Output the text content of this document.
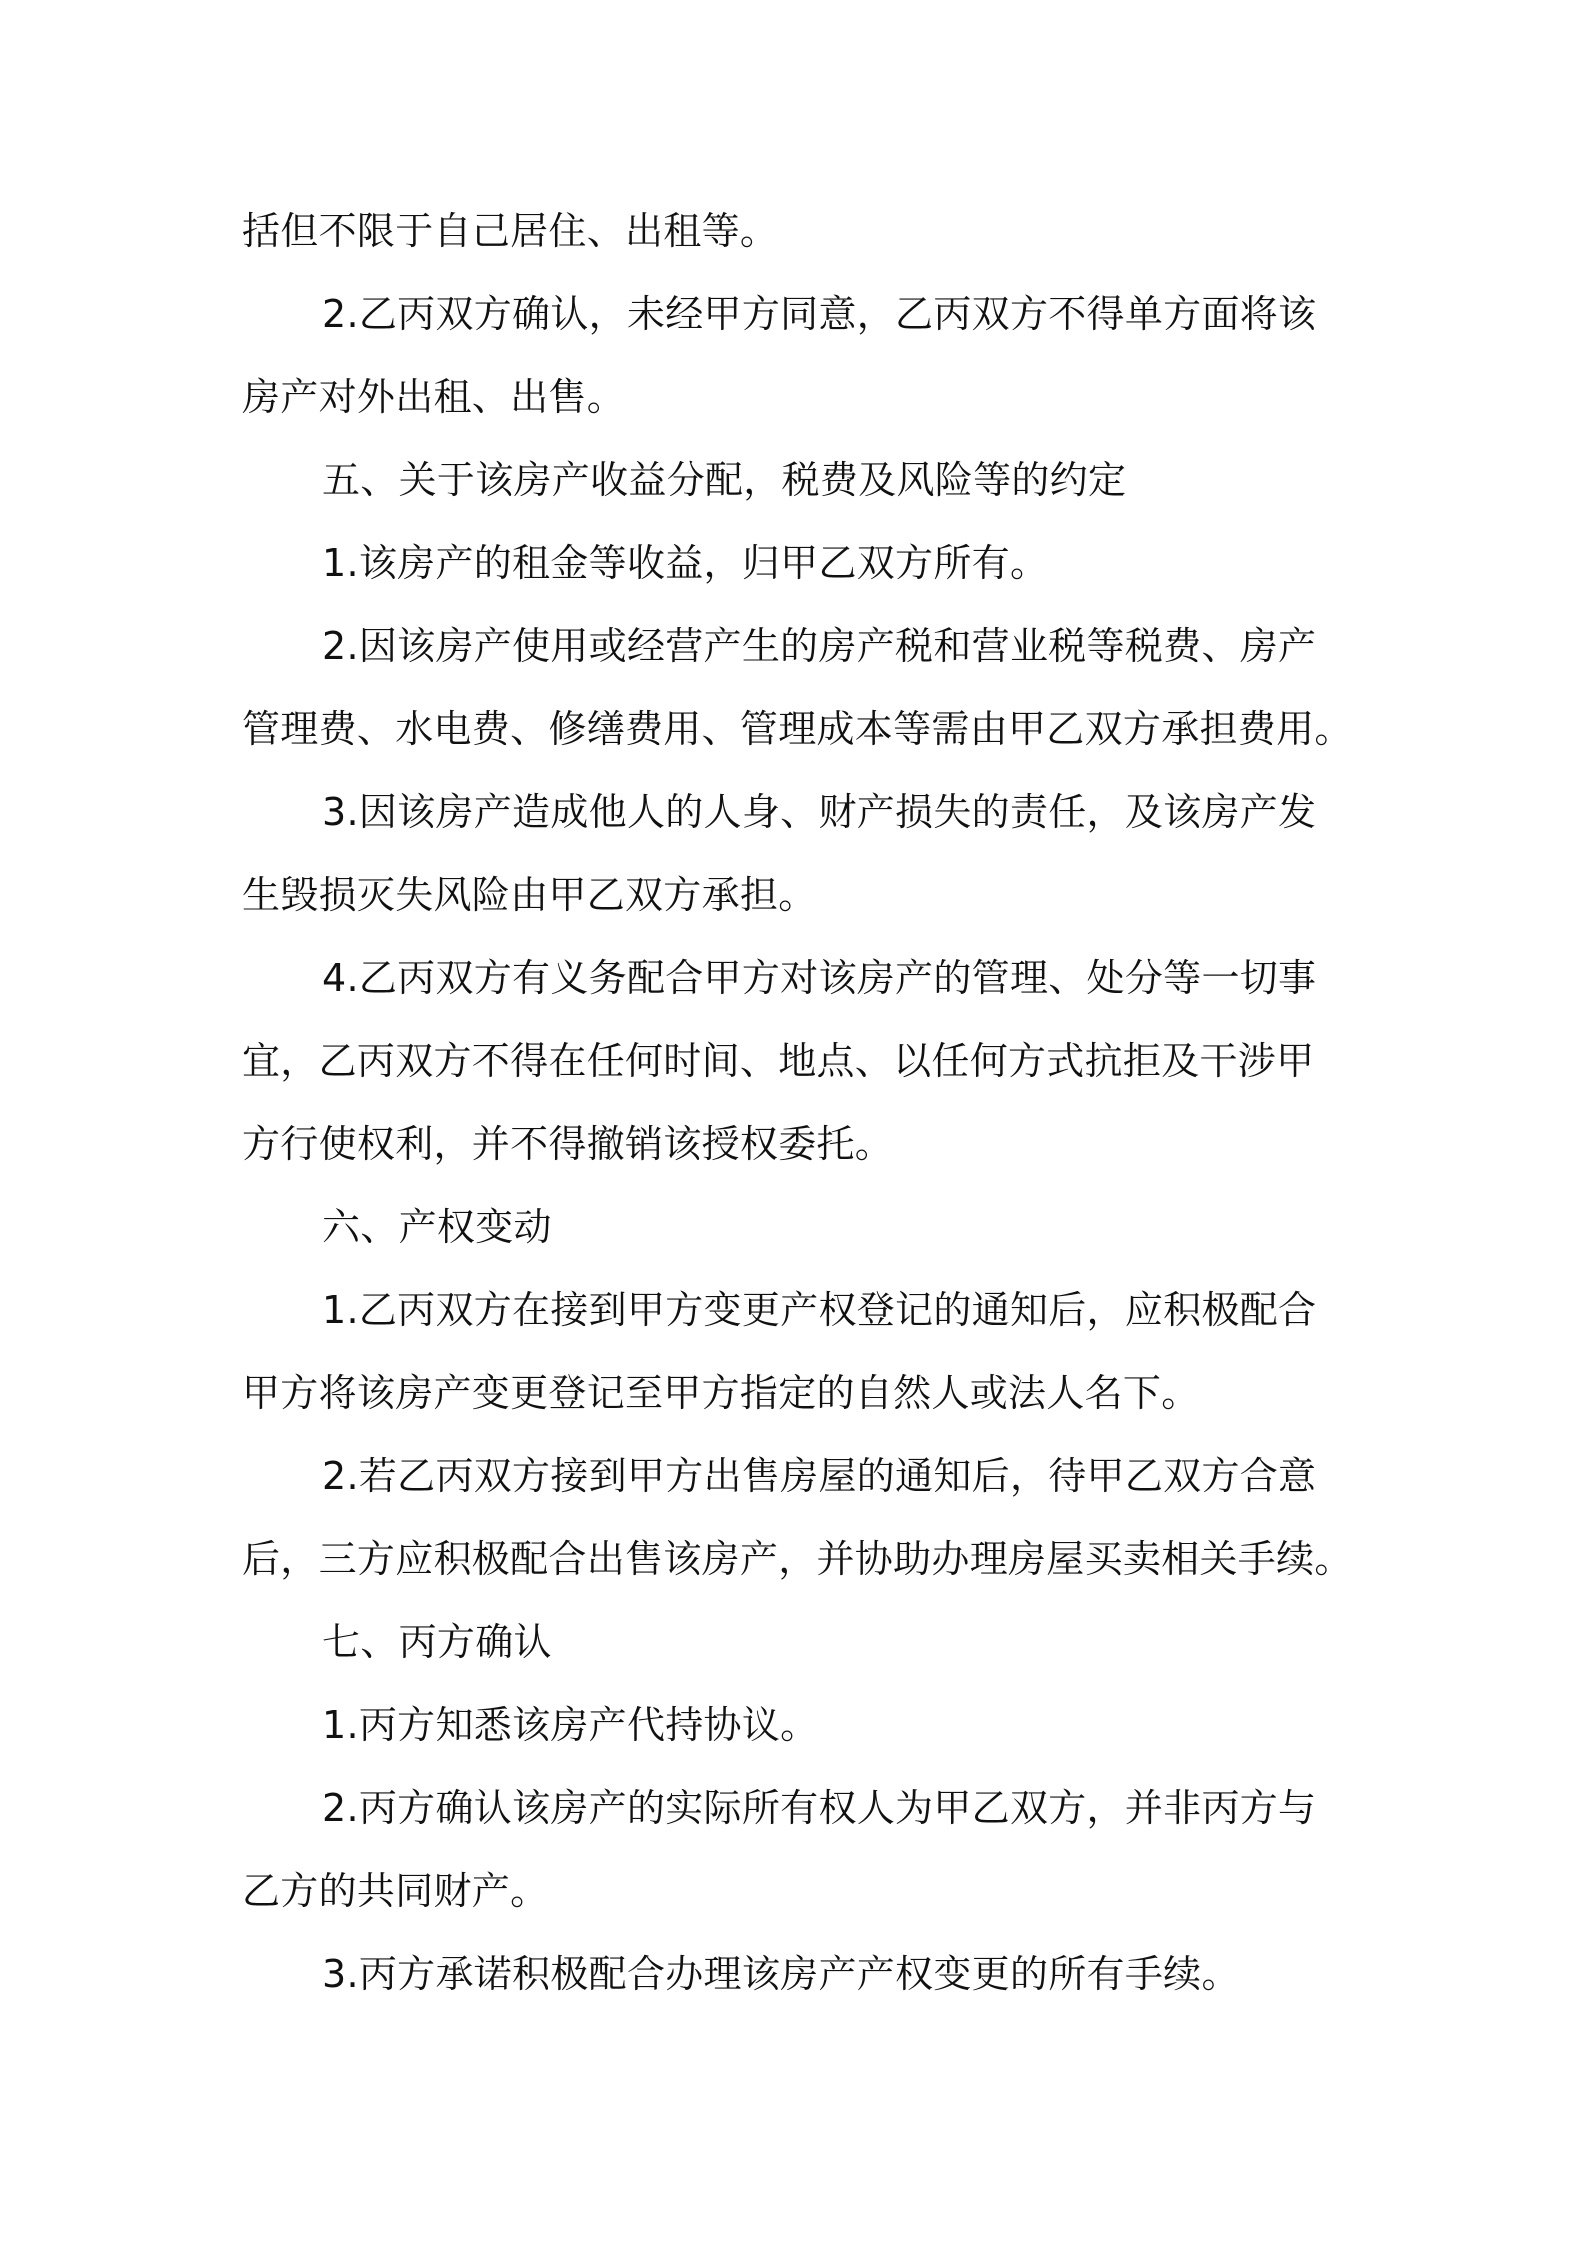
括但不限于自己居住、出租等。
2.乙丙双方确认，未经甲方同意，乙丙双方不得单方面将该
房产对外出租、出售。
五、关于该房产收益分配，税费及风险等的约定
1.该房产的租金等收益，归甲乙双方所有。
2.因该房产使用或经营产生的房产税和营业税等税费、房产
管理费、水电费、修缮费用、管理成本等需由甲乙双方承担费用。
3.因该房产造成他人的人身、财产损失的责任，及该房产发
生毁损灭失风险由甲乙双方承担。
4.乙丙双方有义务配合甲方对该房产的管理、处分等一切事
宜，乙丙双方不得在任何时间、地点、以任何方式抗拒及干涉甲
方行使权利，并不得撤销该授权委托。
六、产权变动
1.乙丙双方在接到甲方变更产权登记的通知后，应积极配合
甲方将该房产变更登记至甲方指定的自然人或法人名下。
2.若乙丙双方接到甲方出售房屋的通知后，待甲乙双方合意
后，三方应积极配合出售该房产，并协助办理房屋买卖相关手续。
七、丙方确认
1.丙方知悉该房产代持协议。
2.丙方确认该房产的实际所有权人为甲乙双方，并非丙方与
乙方的共同财产。
3.丙方承诺积极配合办理该房产产权变更的所有手续。
